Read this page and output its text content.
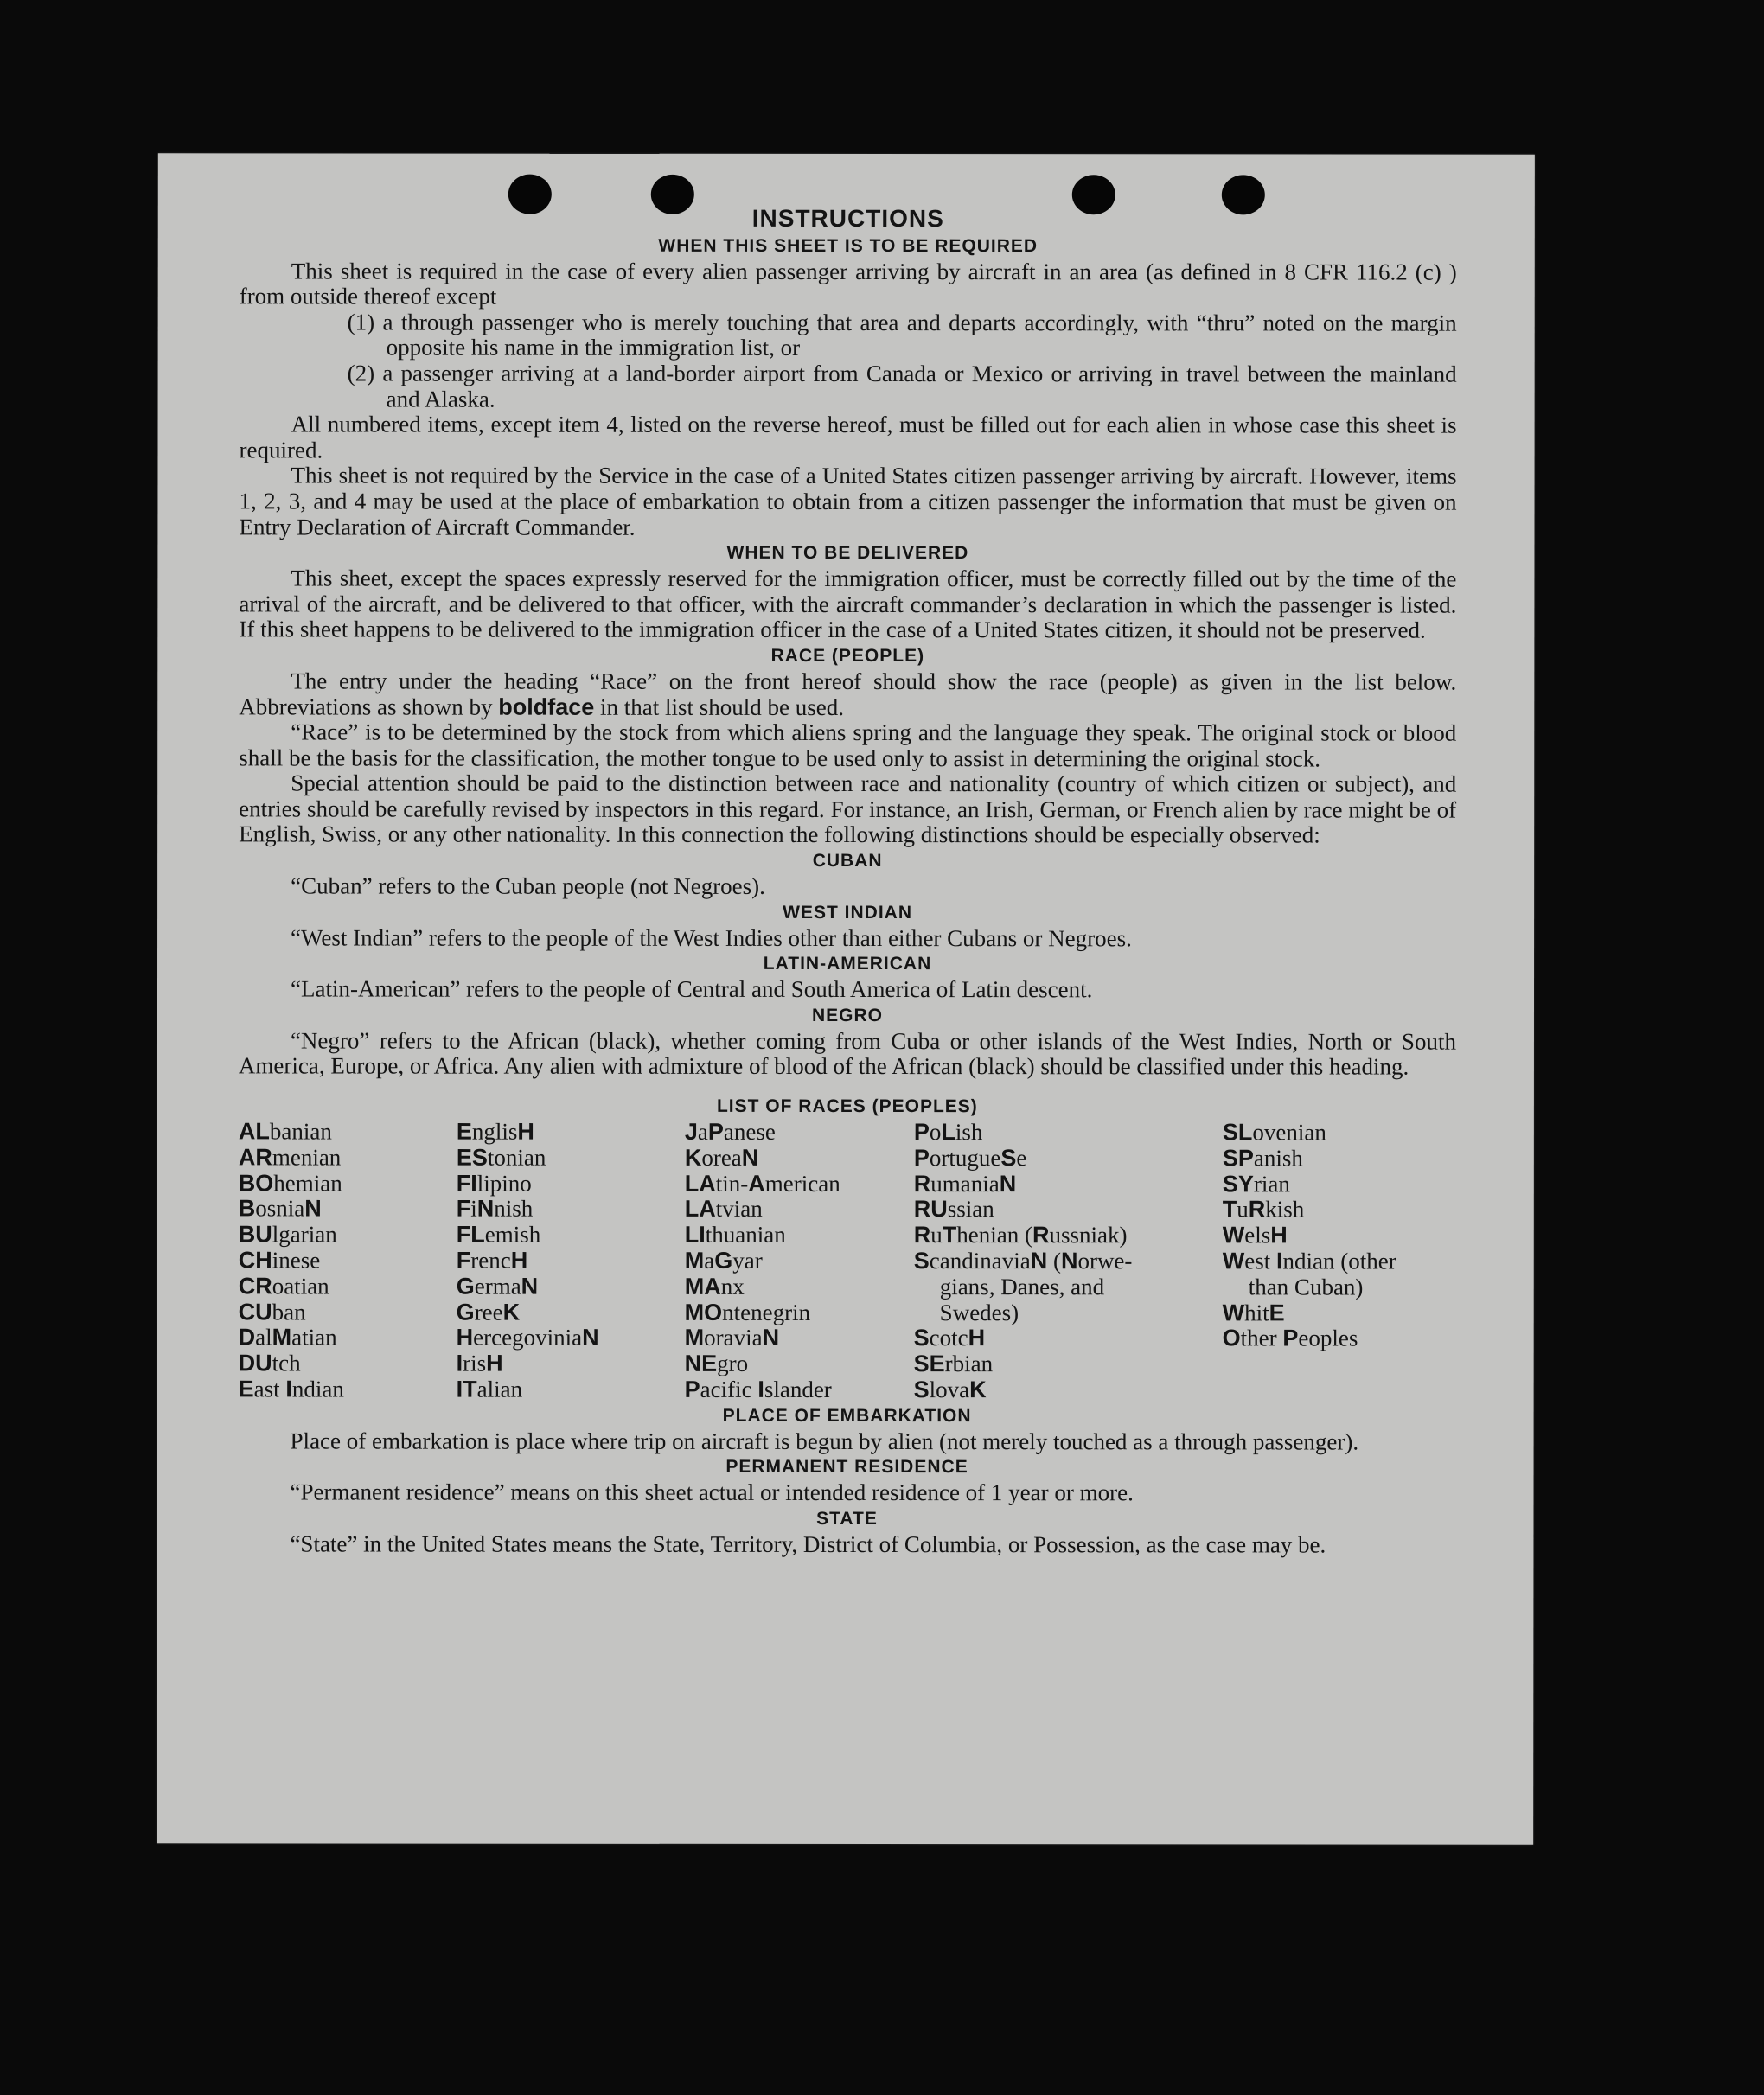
INSTRUCTIONS
WHEN THIS SHEET IS TO BE REQUIRED

This sheet is required in the case of every alien passenger arriving by aircraft in an area (as defined in 8 CFR 116.2 (c) ) from outside thereof except

(1) a through passenger who is merely touching that area and departs accordingly, with “thru” noted on the margin opposite his name in the immigration list, or

(2) a passenger arriving at a land-border airport from Canada or Mexico or arriving in travel between the mainland and Alaska.

All numbered items, except item 4, listed on the reverse hereof, must be filled out for each alien in whose case this sheet is required.

This sheet is not required by the Service in the case of a United States citizen passenger arriving by aircraft. However, items 1, 2, 3, and 4 may be used at the place of embarkation to obtain from a citizen passenger the information that must be given on Entry Declaration of Aircraft Commander.

WHEN TO BE DELIVERED

This sheet, except the spaces expressly reserved for the immigration officer, must be correctly filled out by the time of the arrival of the aircraft, and be delivered to that officer, with the aircraft commander’s declaration in which the passenger is listed. If this sheet happens to be delivered to the immigration officer in the case of a United States citizen, it should not be preserved.

RACE (PEOPLE)

The entry under the heading “Race” on the front hereof should show the race (people) as given in the list below. Abbreviations as shown by boldface in that list should be used.

“Race” is to be determined by the stock from which aliens spring and the language they speak. The original stock or blood shall be the basis for the classification, the mother tongue to be used only to assist in determining the original stock.

Special attention should be paid to the distinction between race and nationality (country of which citizen or subject), and entries should be carefully revised by inspectors in this regard. For instance, an Irish, German, or French alien by race might be of English, Swiss, or any other nationality. In this connection the following distinctions should be especially observed:

CUBAN

“Cuban” refers to the Cuban people (not Negroes).

WEST INDIAN

“West Indian” refers to the people of the West Indies other than either Cubans or Negroes.

LATIN-AMERICAN

“Latin-American” refers to the people of Central and South America of Latin descent.

NEGRO

“Negro” refers to the African (black), whether coming from Cuba or other islands of the West Indies, North or South America, Europe, or Africa. Any alien with admixture of blood of the African (black) should be classified under this heading.

LIST OF RACES (PEOPLES)
ALbanian
ARmenian
BOhemian
BosniaN
BUlgarian
CHinese
CRoatian
CUban
DalMatian
DUtch
East Indian
EnglisH
EStonian
FIlipino
FiNnish
FLemish
FrencH
GermaN
GreeK
HercegoviniaN
IrisH
ITalian
JaPanese
KoreaN
LAtin-American
LAtvian
LIthuanian
MaGyar
MAnx
MOntenegrin
MoraviaN
NEgro
Pacific Islander
PoLish
PortugueSe
RumaniaN
RUssian
RuThenian (Russniak)
ScandinaviaN (Norwe-
gians, Danes, and
Swedes)
ScotcH
SErbian
SlovaK
SLovenian
SPanish
SYrian
TuRkish
WelsH
West Indian (other
than Cuban)
WhitE
Other Peoples
PLACE OF EMBARKATION

Place of embarkation is place where trip on aircraft is begun by alien (not merely touched as a through passenger).

PERMANENT RESIDENCE

“Permanent residence” means on this sheet actual or intended residence of 1 year or more.

STATE

“State” in the United States means the State, Territory, District of Columbia, or Possession, as the case may be.
